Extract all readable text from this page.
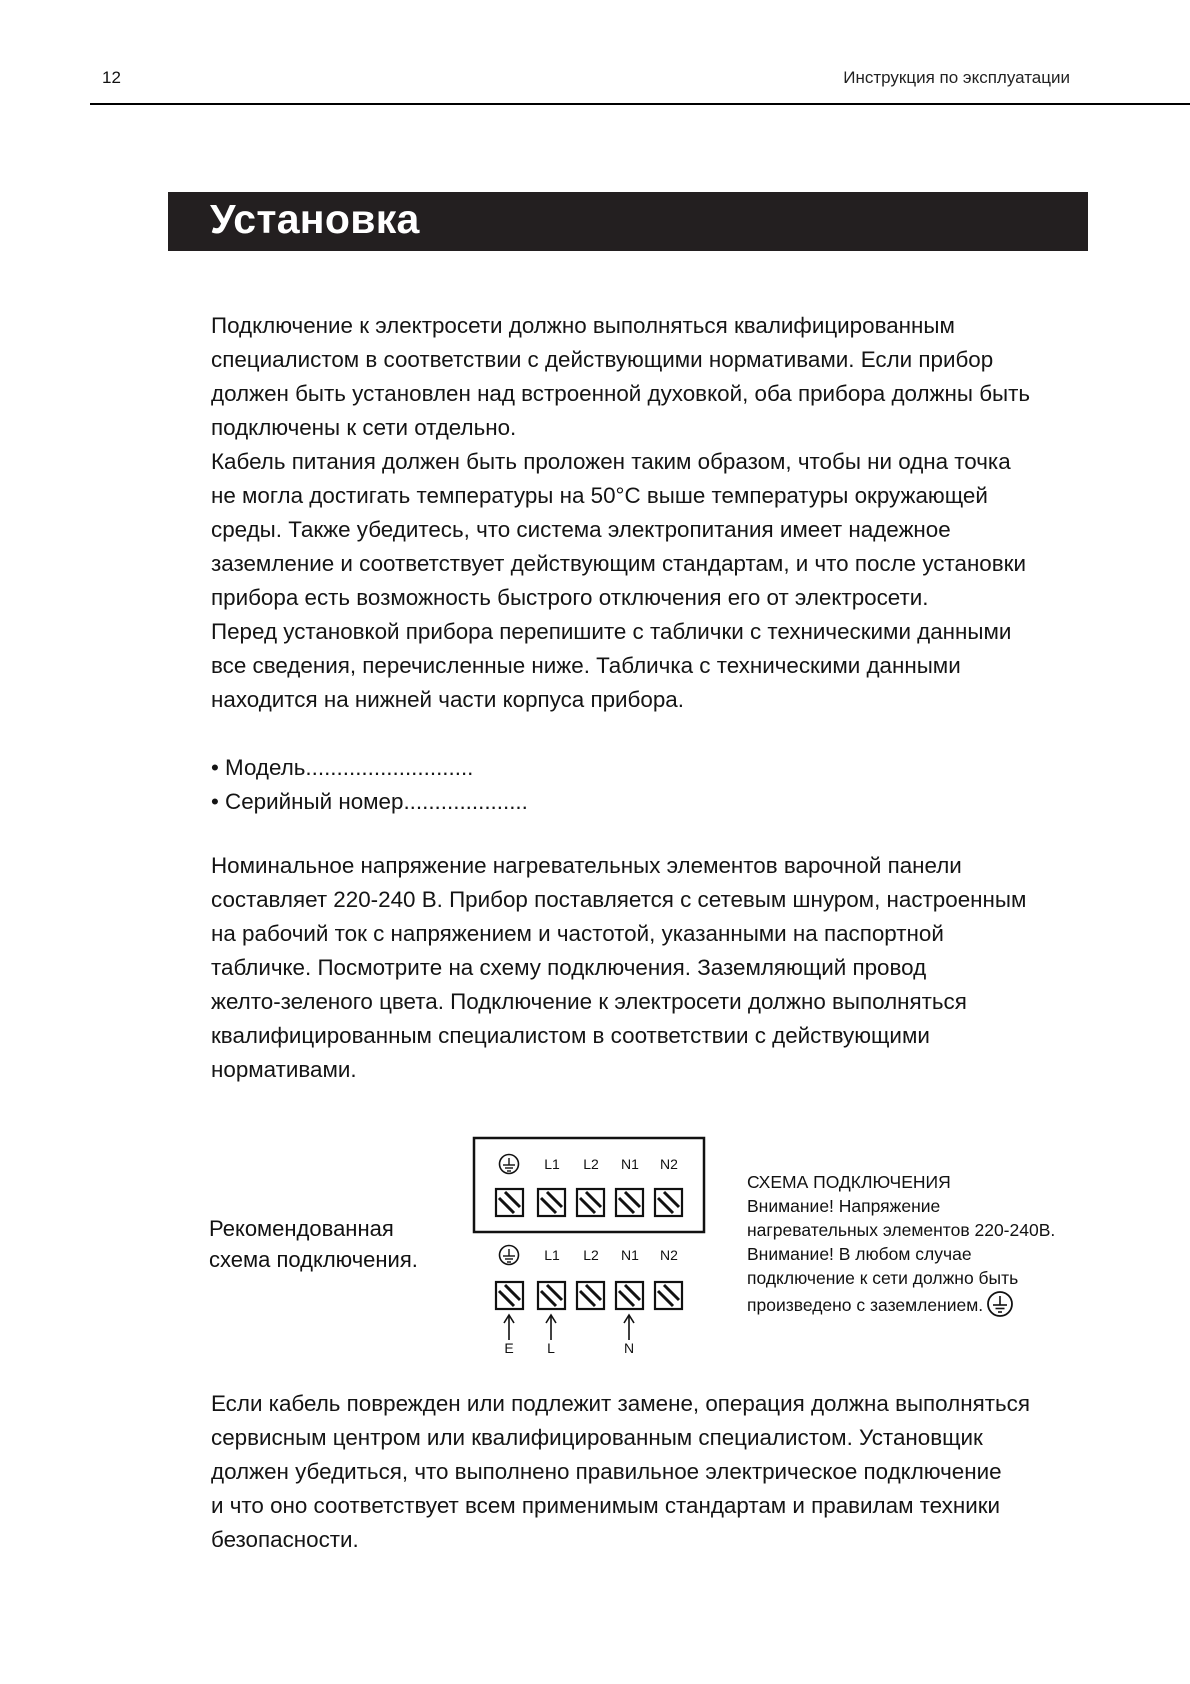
12	Инструкция по эксплуатации
Установка
Подключение к электросети должно выполняться квалифицированным
специалистом в соответствии с действующими нормативами. Если прибор
должен быть установлен над встроенной духовкой, оба прибора должны быть
подключены к сети отдельно.
Кабель питания должен быть проложен таким образом, чтобы ни одна точка
не могла достигать температуры на 50°С выше температуры окружающей
среды. Также убедитесь, что система электропитания имеет надежное
заземление и соответствует действующим стандартам, и что после установки
прибора есть возможность быстрого отключения его от электросети.
Перед установкой прибора перепишите с таблички с техническими данными
все сведения, перечисленные ниже. Табличка с техническими данными
находится на нижней части корпуса прибора.
• Модель...........................
• Серийный номер....................
Номинальное напряжение нагревательных элементов варочной панели
составляет 220-240 В. Прибор поставляется с сетевым шнуром, настроенным
на рабочий ток с напряжением и частотой, указанными на паспортной
табличке. Посмотрите на схему подключения. Заземляющий провод
желто-зеленого цвета. Подключение к электросети должно выполняться
квалифицированным специалистом в соответствии с действующими
нормативами.
Рекомендованная
схема подключения.
L1 L2 N1 N2
L1 L2 N1 N2
E L	N
СХЕМА ПОДКЛЮЧЕНИЯ
Внимание! Напряжение
нагревательных элементов 220-240В.
Внимание! В любом случае
подключение к сети должно быть
произведено с заземлением.
Если кабель поврежден или подлежит замене, операция должна выполняться
сервисным центром или квалифицированным специалистом. Установщик
должен убедиться, что выполнено правильное электрическое подключение
и что оно соответствует всем применимым стандартам и правилам техники
безопасности.
